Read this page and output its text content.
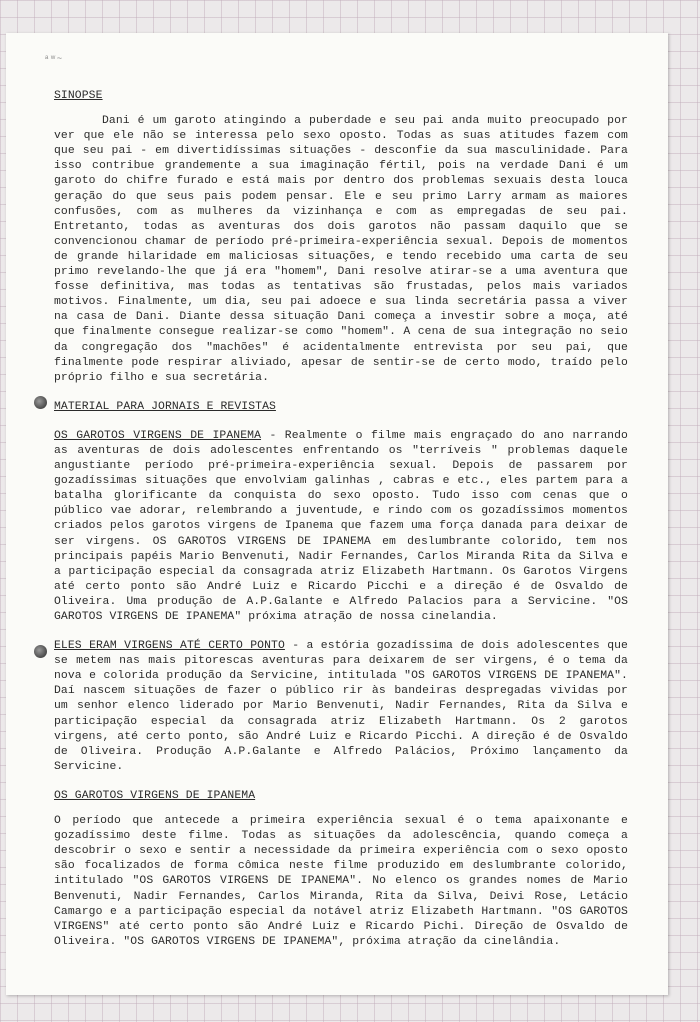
ᵃʷ~
SINOPSE

Dani é um garoto atingindo a puberdade e seu pai anda muito preocupado por ver que ele não se interessa pelo sexo oposto. Todas as suas atitudes fazem com que seu pai - em divertidíssimas situações - desconfie da sua masculinidade. Para isso contribue grandemente a sua imaginação fértil, pois na verdade Dani é um garoto do chifre furado e está mais por dentro dos problemas sexuais desta louca geração do que seus pais podem pensar. Ele e seu primo Larry armam as maiores confusões, com as mulheres da vizinhança e com as empregadas de seu pai. Entretanto, todas as aventuras dos dois garotos não passam daquilo que se convencionou chamar de período pré-primeira-experiência sexual. Depois de momentos de grande hilaridade em maliciosas situações, e tendo recebido uma carta de seu primo revelando-lhe que já era "homem", Dani resolve atirar-se a uma aventura que fosse definitiva, mas todas as tentativas são frustadas, pelos mais variados motivos. Finalmente, um dia, seu pai adoece e sua linda secretária passa a viver na casa de Dani. Diante dessa situação Dani começa a investir sobre a moça, até que finalmente consegue realizar-se como "homem". A cena de sua integração no seio da congregação dos "machões" é acidentalmente entrevista por seu pai, que finalmente pode respirar aliviado, apesar de sentir-se de certo modo, traído pelo próprio filho e sua secretária.

MATERIAL PARA JORNAIS E REVISTAS

OS GAROTOS VIRGENS DE IPANEMA - Realmente o filme mais engraçado do ano narrando as aventuras de dois adolescentes enfrentando os "terríveis " problemas daquele angustiante período pré-primeira-experiência sexual. Depois de passarem por gozadíssimas situações que envolviam galinhas , cabras e etc., eles partem para a batalha glorificante da conquista do sexo oposto. Tudo isso com cenas que o público vae adorar, relembrando a juventude, e rindo com os gozadíssimos momentos criados pelos garotos virgens de Ipanema que fazem uma força danada para deixar de ser virgens. OS GAROTOS VIRGENS DE IPANEMA em deslumbrante colorido, tem nos principais papéis Mario Benvenuti, Nadir Fernandes, Carlos Miranda Rita da Silva e a participação especial da consagrada atriz Elizabeth Hartmann. Os Garotos Virgens até certo ponto são André Luiz e Ricardo Picchi e a direção é de Osvaldo de Oliveira. Uma produção de A.P.Galante e Alfredo Palacios para a Servicine. "OS GAROTOS VIRGENS DE IPANEMA" próxima atração de nossa cinelandia.

ELES ERAM VIRGENS ATÉ CERTO PONTO - a estória gozadíssima de dois adolescentes que se metem nas mais pitorescas aventuras para deixarem de ser virgens, é o tema da nova e colorida produção da Servicine, intitulada "OS GAROTOS VIRGENS DE IPANEMA". Daí nascem situações de fazer o público rir às bandeiras despregadas vividas por um senhor elenco liderado por Mario Benvenuti, Nadir Fernandes, Rita da Silva e participação especial da consagrada atriz Elizabeth Hartmann. Os 2 garotos virgens, até certo ponto, são André Luiz e Ricardo Picchi. A direção é de Osvaldo de Oliveira. Produção A.P.Galante e Alfredo Palácios, Próximo lançamento da Servicine.

OS GAROTOS VIRGENS DE IPANEMA

O período que antecede a primeira experiência sexual é o tema apaixonante e gozadíssimo deste filme. Todas as situações da adolescência, quando começa a descobrir o sexo e sentir a necessidade da primeira experiência com o sexo oposto são focalizados de forma cômica neste filme produzido em deslumbrante colorido, intitulado "OS GAROTOS VIRGENS DE IPANEMA". No elenco os grandes nomes de Mario Benvenuti, Nadir Fernandes, Carlos Miranda, Rita da Silva, Deivi Rose, Letácio Camargo e a participação especial da notável atriz Elizabeth Hartmann. "OS GAROTOS VIRGENS" até certo ponto são André Luiz e Ricardo Pichi. Direção de Osvaldo de Oliveira. "OS GAROTOS VIRGENS DE IPANEMA", próxima atração da cinelândia.
